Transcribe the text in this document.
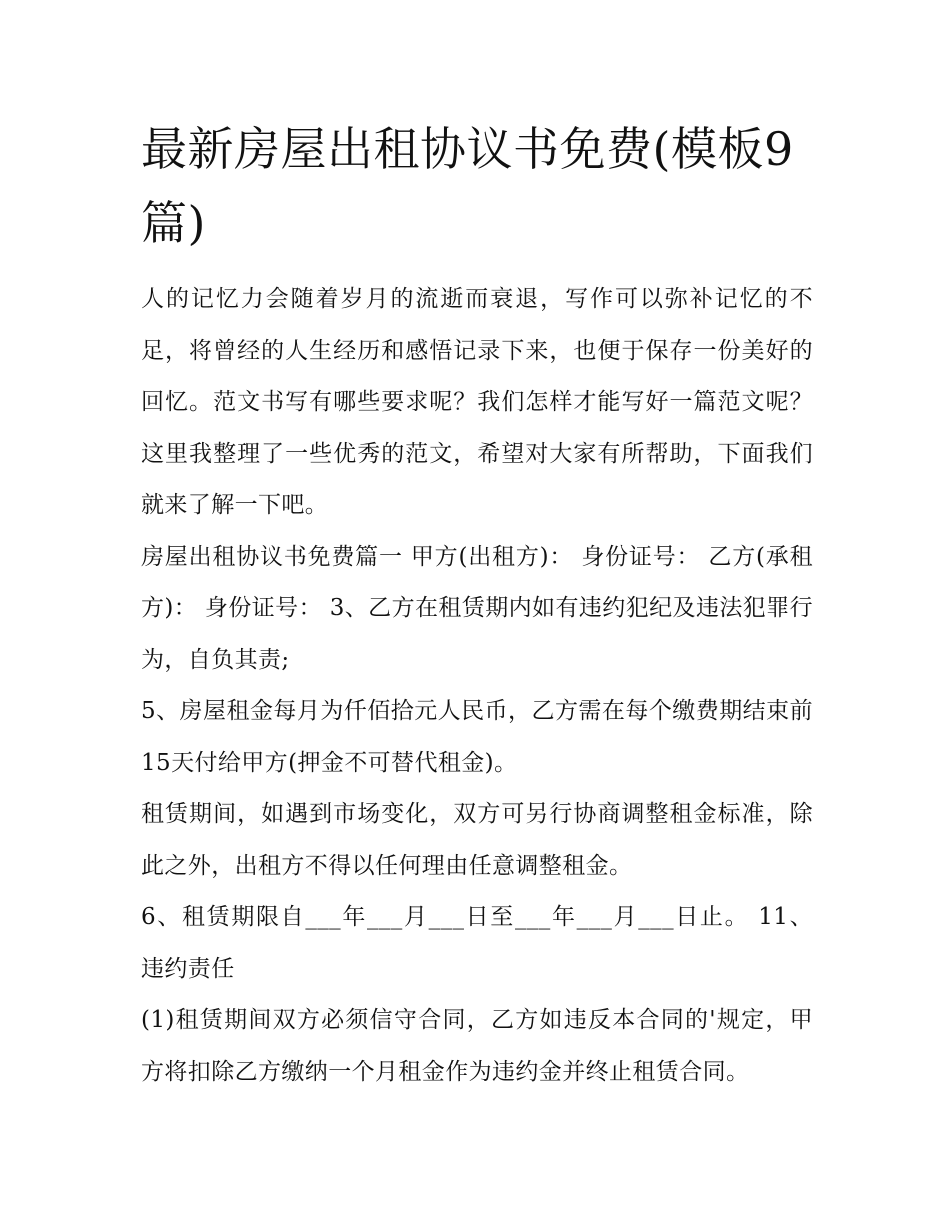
最新房屋出租协议书免费(模板9篇)

人的记忆力会随着岁月的流逝而衰退，写作可以弥补记忆的不足，将曾经的人生经历和感悟记录下来，也便于保存一份美好的回忆。范文书写有哪些要求呢？我们怎样才能写好一篇范文呢？这里我整理了一些优秀的范文，希望对大家有所帮助，下面我们就来了解一下吧。

房屋出租协议书免费篇一 甲方(出租方)： 身份证号： 乙方(承租方)： 身份证号： 3、乙方在租赁期内如有违约犯纪及违法犯罪行为，自负其责;

5、房屋租金每月为仟佰拾元人民币，乙方需在每个缴费期结束前15天付给甲方(押金不可替代租金)。

租赁期间，如遇到市场变化，双方可另行协商调整租金标准，除此之外，出租方不得以任何理由任意调整租金。

6、租赁期限自___年___月___日至___年___月___日止。 11、 违约责任

(1)租赁期间双方必须信守合同，乙方如违反本合同的'规定，甲方将扣除乙方缴纳一个月租金作为违约金并终止租赁合同。
